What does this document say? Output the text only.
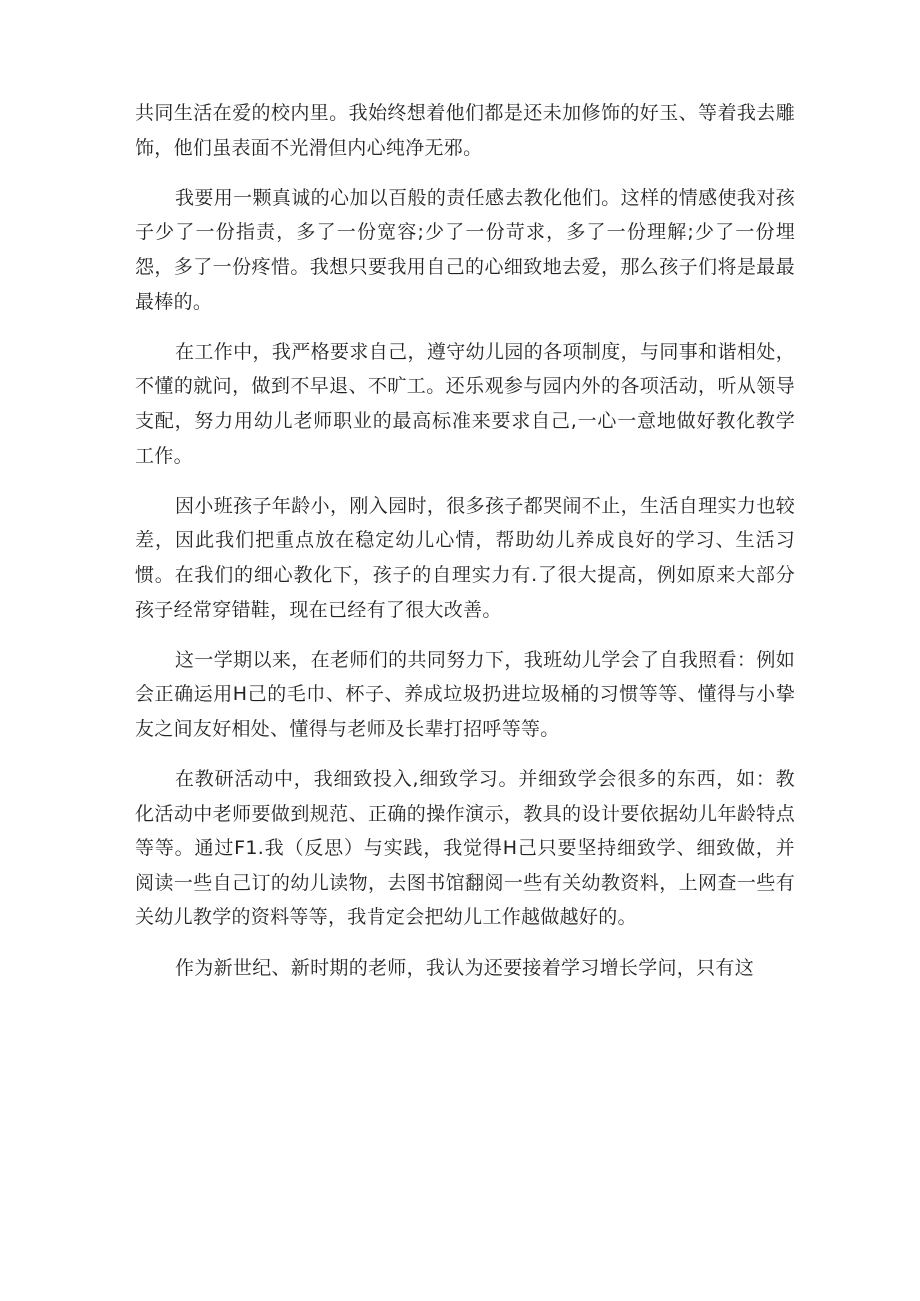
共同生活在爱的校内里。我始终想着他们都是还未加修饰的好玉、等着我去雕饰，他们虽表面不光滑但内心纯净无邪。

我要用一颗真诚的心加以百般的责任感去教化他们。这样的情感使我对孩子少了一份指责，多了一份宽容;少了一份苛求，多了一份理解;少了一份埋怨，多了一份疼惜。我想只要我用自己的心细致地去爱，那么孩子们将是最最最棒的。

在工作中，我严格要求自己，遵守幼儿园的各项制度，与同事和谐相处，不懂的就问，做到不早退、不旷工。还乐观参与园内外的各项活动，听从领导支配，努力用幼儿老师职业的最高标准来要求自己,一心一意地做好教化教学工作。

因小班孩子年龄小，刚入园时，很多孩子都哭闹不止，生活自理实力也较差，因此我们把重点放在稳定幼儿心情，帮助幼儿养成良好的学习、生活习惯。在我们的细心教化下，孩子的自理实力有.了很大提高，例如原来大部分孩子经常穿错鞋，现在已经有了很大改善。

这一学期以来，在老师们的共同努力下，我班幼儿学会了自我照看：例如会正确运用H己的毛巾、杯子、养成垃圾扔进垃圾桶的习惯等等、懂得与小挚友之间友好相处、懂得与老师及长辈打招呼等等。

在教研活动中，我细致投入,细致学习。并细致学会很多的东西，如：教化活动中老师要做到规范、正确的操作演示，教具的设计要依据幼儿年龄特点等等。通过F1.我（反思）与实践，我觉得H己只要坚持细致学、细致做，并阅读一些自己订的幼儿读物，去图书馆翻阅一些有关幼教资料，上网查一些有关幼儿教学的资料等等，我肯定会把幼儿工作越做越好的。

作为新世纪、新时期的老师，我认为还要接着学习增长学问，只有这
